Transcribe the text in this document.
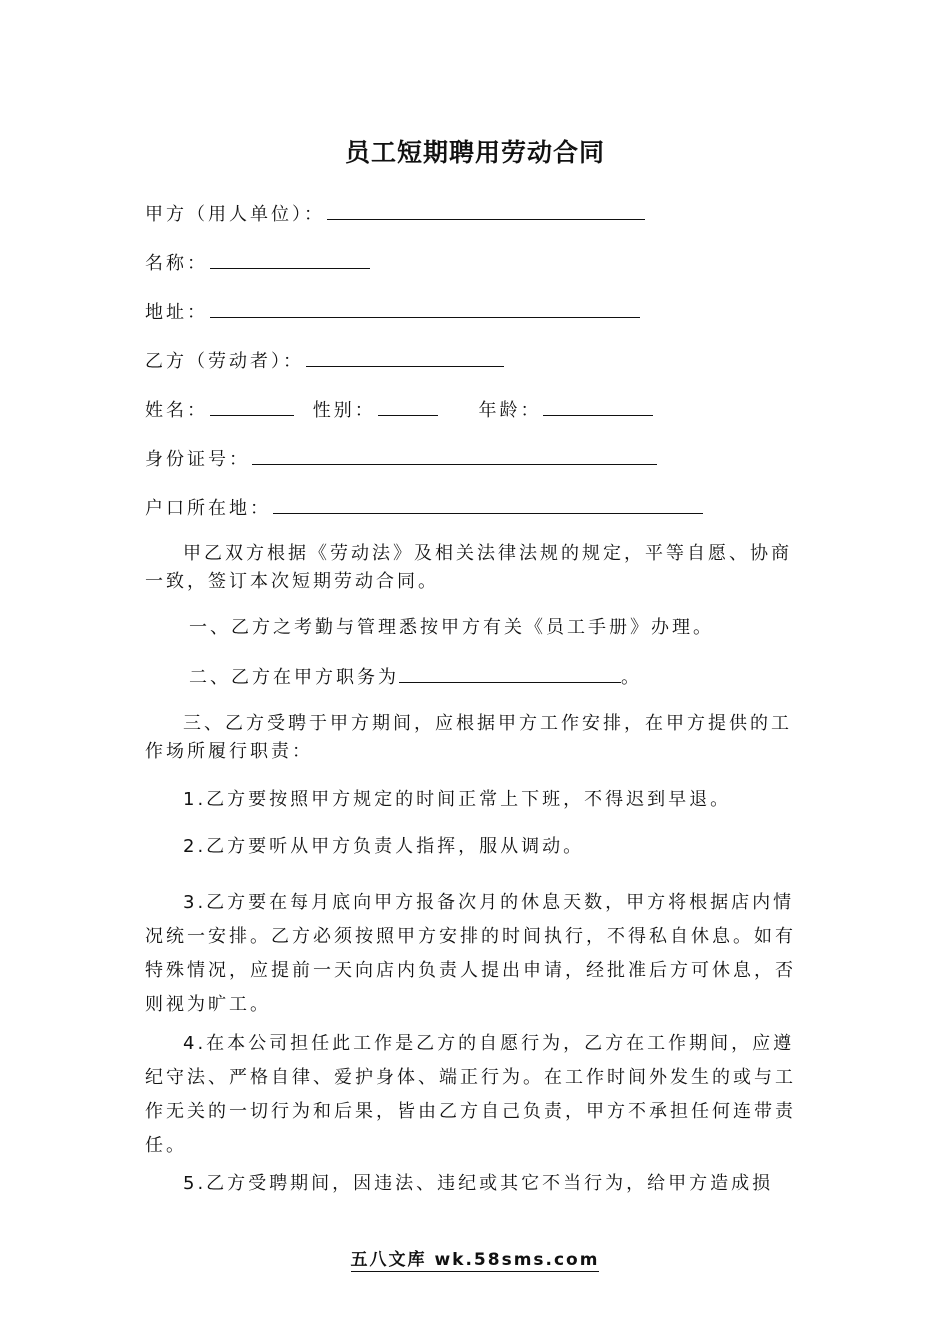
员工短期聘用劳动合同
甲方（用人单位）：
名称：
地址：
乙方（劳动者）：
姓名：	性别：	年龄：
身份证号：
户口所在地：
甲乙双方根据《劳动法》及相关法律法规的规定，平等自愿、协商一致，签订本次短期劳动合同。
一、乙方之考勤与管理悉按甲方有关《员工手册》办理。
二、乙方在甲方职务为	。
三、乙方受聘于甲方期间，应根据甲方工作安排，在甲方提供的工作场所履行职责：
1.乙方要按照甲方规定的时间正常上下班，不得迟到早退。
2.乙方要听从甲方负责人指挥，服从调动。
3.乙方要在每月底向甲方报备次月的休息天数，甲方将根据店内情况统一安排。乙方必须按照甲方安排的时间执行，不得私自休息。如有特殊情况，应提前一天向店内负责人提出申请，经批准后方可休息，否则视为旷工。
4.在本公司担任此工作是乙方的自愿行为，乙方在工作期间，应遵纪守法、严格自律、爱护身体、端正行为。在工作时间外发生的或与工作无关的一切行为和后果，皆由乙方自己负责，甲方不承担任何连带责任。
5.乙方受聘期间，因违法、违纪或其它不当行为，给甲方造成损
五八文库 wk.58sms.com
